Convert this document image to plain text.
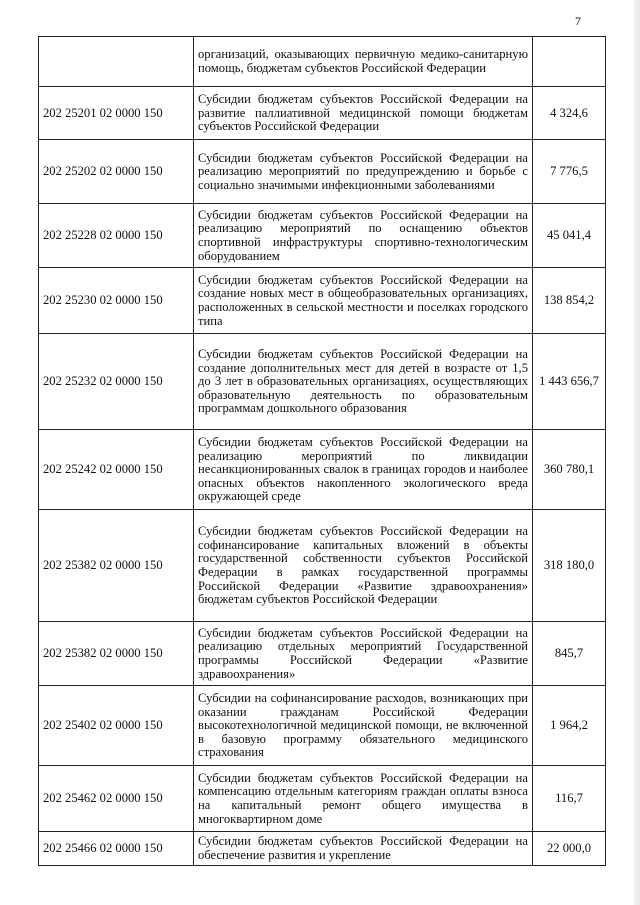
7
	организаций, оказывающих первичную медико-санитарную помощь, бюджетам субъектов Российской Федерации	
202 25201 02 0000 150	Субсидии бюджетам субъектов Российской Федерации на развитие паллиативной медицинской помощи бюджетам субъектов Российской Федерации	4 324,6
202 25202 02 0000 150	Субсидии бюджетам субъектов Российской Федерации на реализацию мероприятий по предупреждению и борьбе с социально значимыми инфекционными заболеваниями	7 776,5
202 25228 02 0000 150	Субсидии бюджетам субъектов Российской Федерации на реализацию мероприятий по оснащению объектов спортивной инфраструктуры спортивно-технологическим оборудованием	45 041,4
202 25230 02 0000 150	Субсидии бюджетам субъектов Российской Федерации на создание новых мест в общеобразовательных организациях, расположенных в сельской местности и поселках городского типа	138 854,2
202 25232 02 0000 150	Субсидии бюджетам субъектов Российской Федерации на создание дополнительных мест для детей в возрасте от 1,5 до 3 лет в образовательных организациях, осуществляющих образовательную деятельность по образовательным программам дошкольного образования	1 443 656,7
202 25242 02 0000 150	Субсидии бюджетам субъектов Российской Федерации на реализацию мероприятий по ликвидации несанкционированных свалок в границах городов и наиболее опасных объектов накопленного экологического вреда окружающей среде	360 780,1
202 25382 02 0000 150	Субсидии бюджетам субъектов Российской Федерации на софинансирование капитальных вложений в объекты государственной собственности субъектов Российской Федерации в рамках государственной программы Российской Федерации «Развитие здравоохранения» бюджетам субъектов Российской Федерации	318 180,0
202 25382 02 0000 150	Субсидии бюджетам субъектов Российской Федерации на реализацию отдельных мероприятий Государственной программы Российской Федерации «Развитие здравоохранения»	845,7
202 25402 02 0000 150	Субсидии на софинансирование расходов, возникающих при оказании гражданам Российской Федерации высокотехнологичной медицинской помощи, не включенной в базовую программу обязательного медицинского страхования	1 964,2
202 25462 02 0000 150	Субсидии бюджетам субъектов Российской Федерации на компенсацию отдельным категориям граждан оплаты взноса на капитальный ремонт общего имущества в многоквартирном доме	116,7
202 25466 02 0000 150	Субсидии бюджетам субъектов Российской Федерации на обеспечение развития и укрепление	22 000,0
